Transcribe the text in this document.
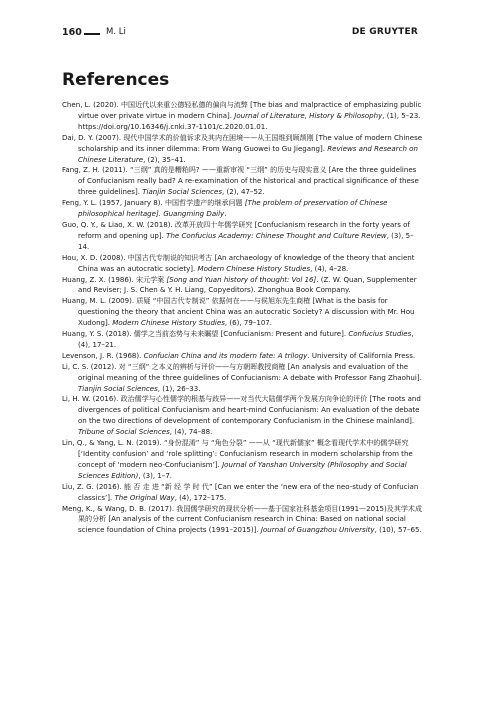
160	M. Li	DE GRUYTER
References

Chen, L. (2020). 中国近代以来重公德轻私德的偏向与流弊 [The bias and malpractice of emphasizing public virtue over private virtue in modern China]. Journal of Literature, History & Philosophy, (1), 5–23. https://doi.org/10.16346/j.cnki.37-1101/c.2020.01.01.

Dai, D. Y. (2007). 现代中国学术的价值诉求及其内在困境——从王国维到顾颉刚 [The value of modern Chinese scholarship and its inner dilemma: From Wang Guowei to Gu Jiegang]. Reviews and Research on Chinese Literature, (2), 35–41.

Fang, Z. H. (2011). “三纲” 真的是糟粕吗? ——重新审视 “三纲” 的历史与现实意义 [Are the three guidelines of Confucianism really bad? A re-examination of the historical and practical significance of these three guidelines]. Tianjin Social Sciences, (2), 47–52.

Feng, Y. L. (1957, January 8). 中国哲学遗产的继承问题 [The problem of preservation of Chinese philosophical heritage]. Guangming Daily.

Guo, Q. Y., & Liao, X. W. (2018). 改革开放四十年儒学研究 [Confucianism research in the forty years of reform and opening up]. The Confucius Academy: Chinese Thought and Culture Review, (3), 5–14.

Hou, X. D. (2008). 中国古代专制说的知识考古 [An archaeology of knowledge of the theory that ancient China was an autocratic society]. Modern Chinese History Studies, (4), 4–28.

Huang, Z. X. (1986). 宋元学案 [Song and Yuan history of thought: Vol 16]. (Z. W. Quan, Supplementer and Reviser; J. S. Chen & Y. H. Liang, Copyeditors). Zhonghua Book Company.

Huang, M. L. (2009). 质疑 “中国古代专制说” 依据何在——与侯旭东先生商榷 [What is the basis for questioning the theory that ancient China was an autocratic Society? A discussion with Mr. Hou Xudong]. Modern Chinese History Studies, (6), 79–107.

Huang, Y. S. (2018). 儒学之当前态势与未来瞩望 [Confucianism: Present and future]. Confucius Studies, (4), 17–21.

Levenson, J. R. (1968). Confucian China and its modern fate: A trilogy. University of California Press.

Li, C. S. (2012). 对 “三纲” 之本义的辨析与评价——与方朝晖教授商榷 [An analysis and evaluation of the original meaning of the three guidelines of Confucianism: A debate with Professor Fang Zhaohui]. Tianjin Social Sciences, (1), 26–33.

Li, H. W. (2016). 政治儒学与心性儒学的根基与歧异——对当代大陆儒学两个发展方向争论的评价 [The roots and divergences of political Confucianism and heart-mind Confucianism: An evaluation of the debate on the two directions of development of contemporary Confucianism in the Chinese mainland]. Tribune of Social Sciences, (4), 74–88.

Lin, Q., & Yang, L. N. (2019). “身份混淆” 与 “角色分裂” ——从 “现代新儒家” 概念看现代学术中的儒学研究 [‘Identity confusion’ and ‘role splitting’: Confucianism research in modern scholarship from the concept of ‘modern neo-Confucianism’]. Journal of Yanshan University (Philosophy and Social Sciences Edition), (3), 1–7.

Liu, Z. G. (2016). 能 否 走 进 “新 经 学 时 代” [Can we enter the ‘new era of the neo-study of Confucian classics’]. The Original Way, (4), 172–175.

Meng, K., & Wang, D. B. (2017). 我国儒学研究的现状分析——基于国家社科基金项目(1991—2015)及其学术成果的分析 [An analysis of the current Confucianism research in China: Based on national social science foundation of China projects (1991–2015)]. Journal of Guangzhou University, (10), 57–65.
